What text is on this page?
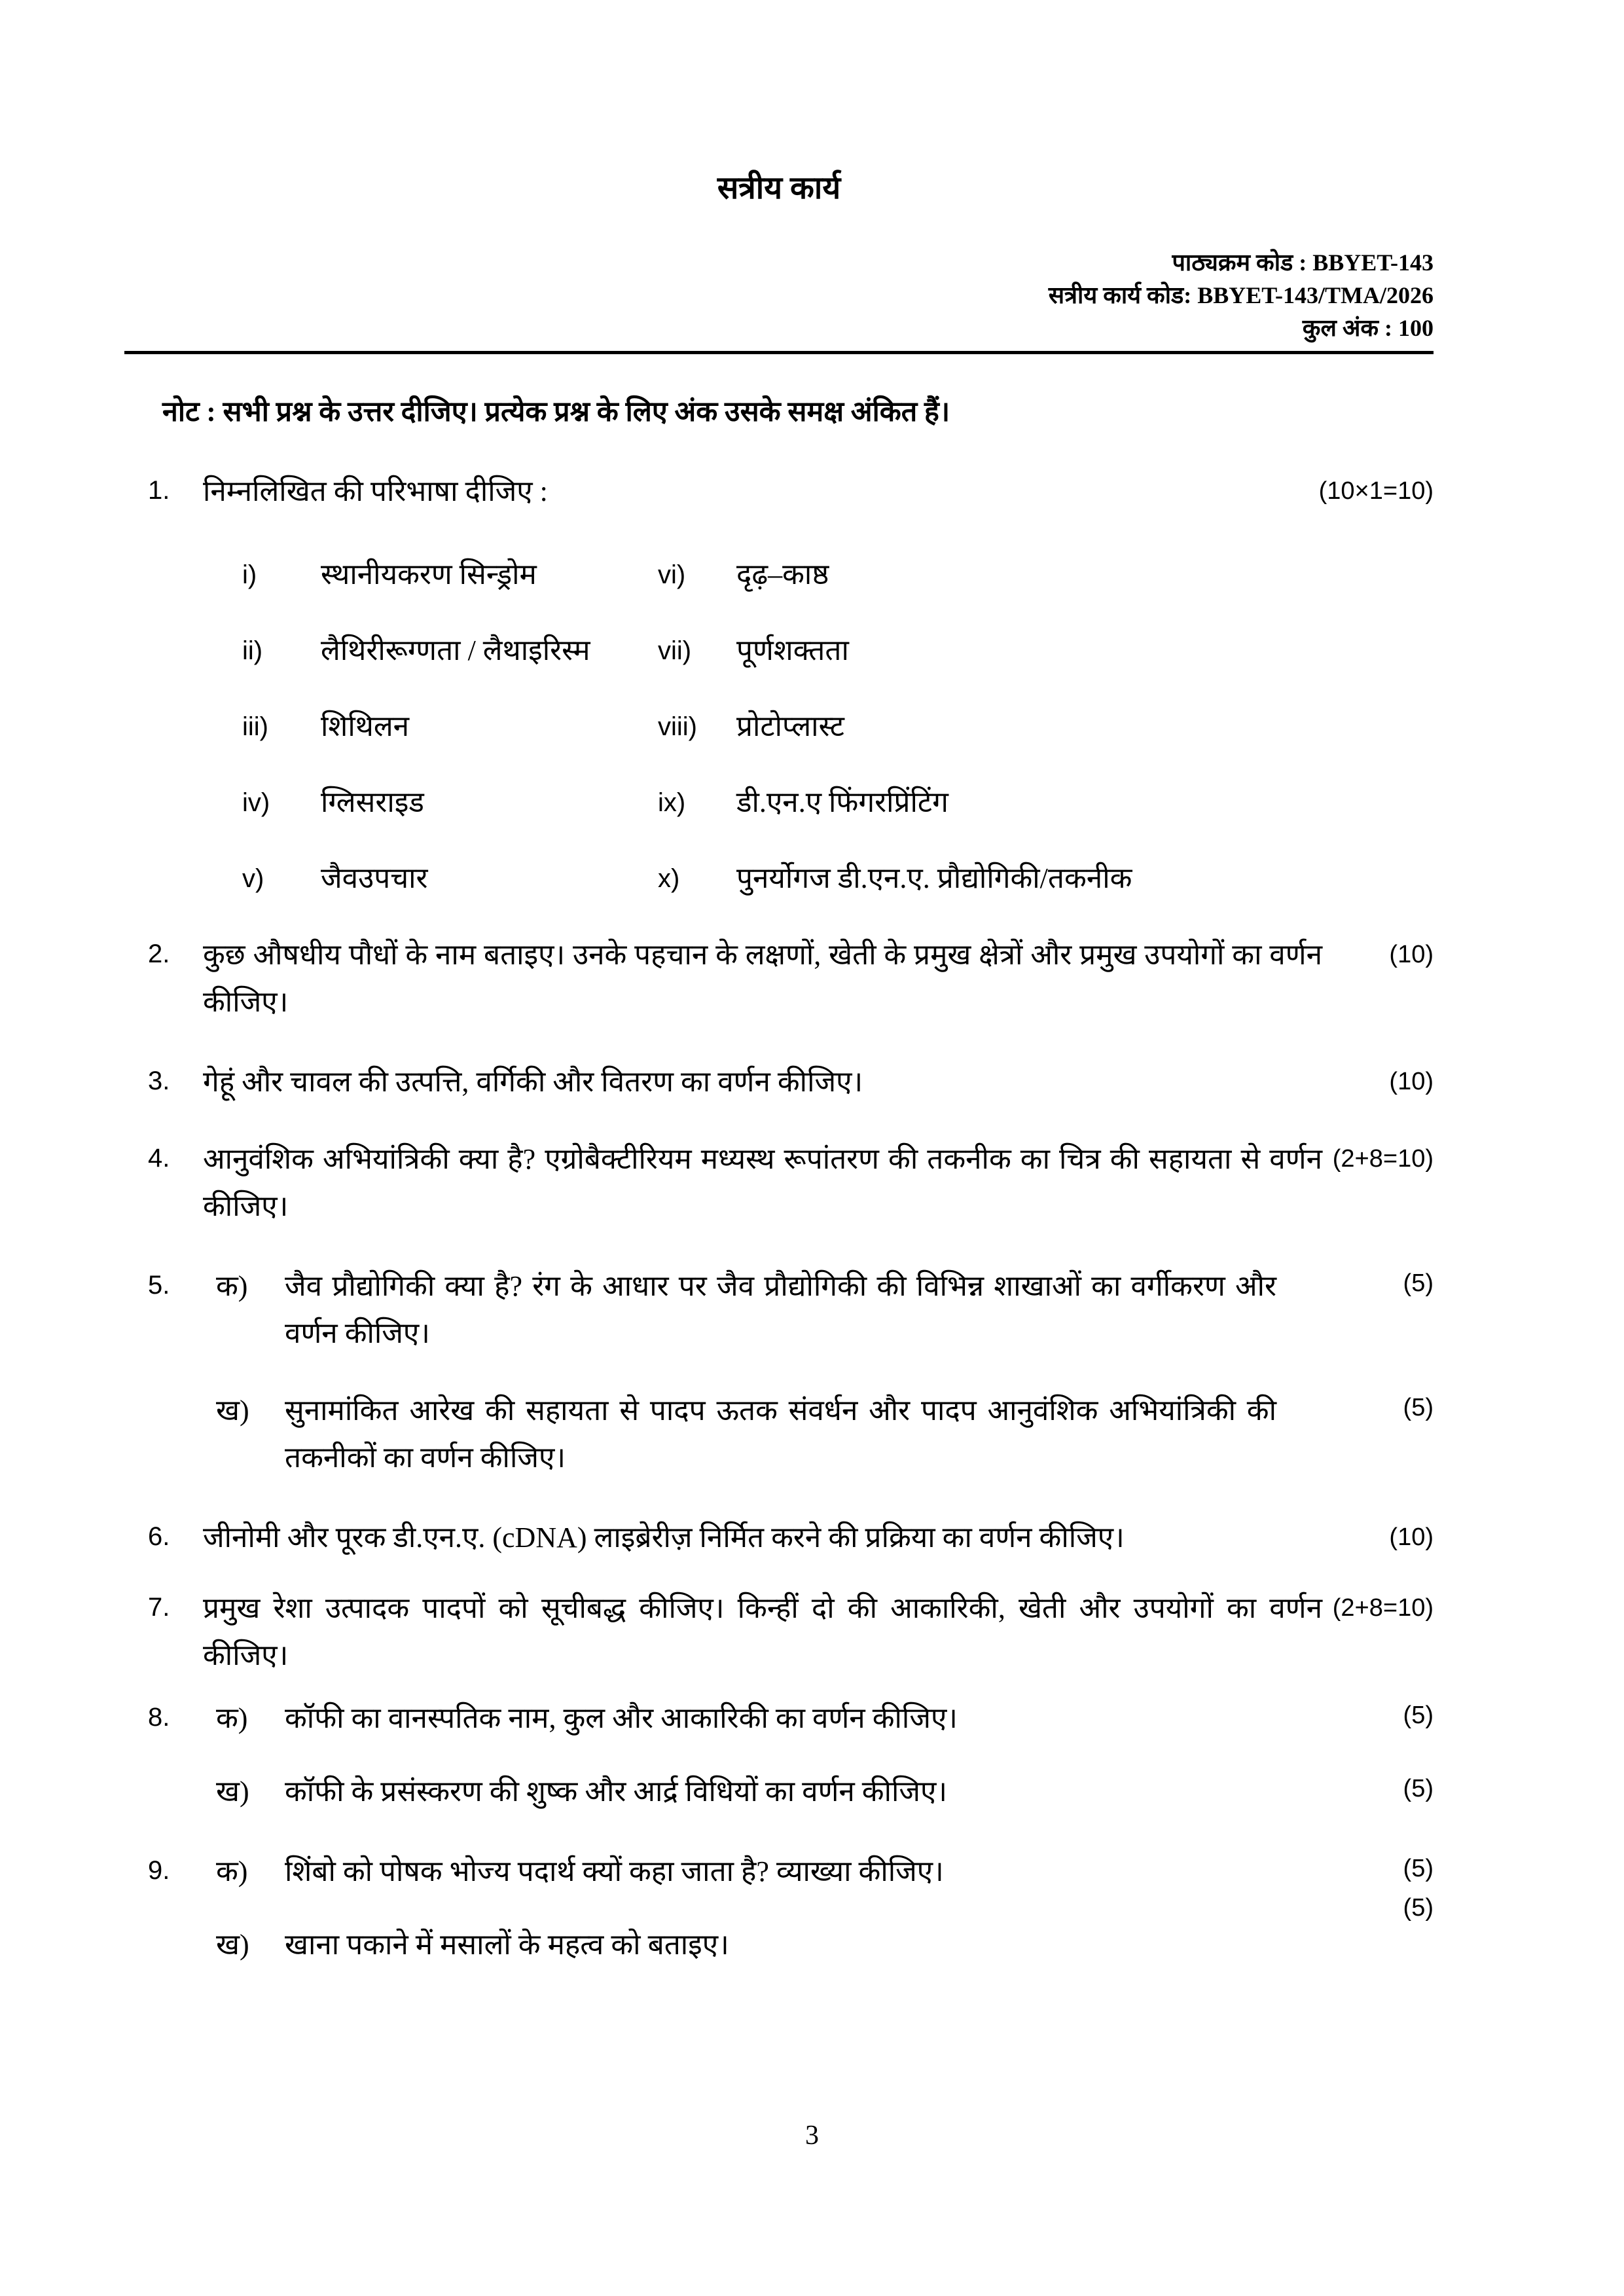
सत्रीय कार्य
पाठ्यक्रम कोड : BBYET-143
सत्रीय कार्य कोड: BBYET-143/TMA/2026
कुल अंक : 100

नोट : सभी प्रश्न के उत्तर दीजिए। प्रत्येक प्रश्न के लिए अंक उसके समक्ष अंकित हैं।

1. निम्नलिखित की परिभाषा दीजिए :	(10×1=10)
i)	स्थानीयकरण सिन्ड्रोम	vi)	दृढ़–काष्ठ
ii)	लैथिरीरूग्णता / लैथाइरिस्म	vii)	पूर्णशक्तता
iii)	शिथिलन	viii)	प्रोटोप्लास्ट
iv)	ग्लिसराइड	ix)	डी.एन.ए फिंगरप्रिंटिंग
v)	जैवउपचार	x)	पुनर्योगज डी.एन.ए. प्रौद्योगिकी/तकनीक
2. कुछ औषधीय पौधों के नाम बताइए। उनके पहचान के लक्षणों, खेती के प्रमुख क्षेत्रों और प्रमुख उपयोगों का वर्णन कीजिए।
(10)
3. गेहूं और चावल की उत्पत्ति, वर्गिकी और वितरण का वर्णन कीजिए।	(10)
4. आनुवंशिक अभियांत्रिकी क्या है? एग्रोबैक्टीरियम मध्यस्थ रूपांतरण की तकनीक का चित्र की सहायता से वर्णन कीजिए।
(2+8=10)
5. क) जैव प्रौद्योगिकी क्या है? रंग के आधार पर जैव प्रौद्योगिकी की विभिन्न शाखाओं का वर्गीकरण और वर्णन कीजिए।
(5)
ख) सुनामांकित आरेख की सहायता से पादप ऊतक संवर्धन और पादप आनुवंशिक अभियांत्रिकी की तकनीकों का वर्णन कीजिए।
(5)
6. जीनोमी और पूरक डी.एन.ए. (cDNA) लाइब्रेरीज़ निर्मित करने की प्रक्रिया का वर्णन कीजिए।	(10)
7. प्रमुख रेशा उत्पादक पादपों को सूचीबद्ध कीजिए। किन्हीं दो की आकारिकी, खेती और उपयोगों का वर्णन कीजिए।
(2+8=10)
8. क) कॉफी का वानस्पतिक नाम, कुल और आकारिकी का वर्णन कीजिए।	(5)
ख) कॉफी के प्रसंस्करण की शुष्क और आर्द्र विधियों का वर्णन कीजिए।	(5)
9. क) शिंबो को पोषक भोज्य पदार्थ क्यों कहा जाता है? व्याख्या कीजिए।	(5)
ख) खाना पकाने में मसालों के महत्व को बताइए।
(5)
3
